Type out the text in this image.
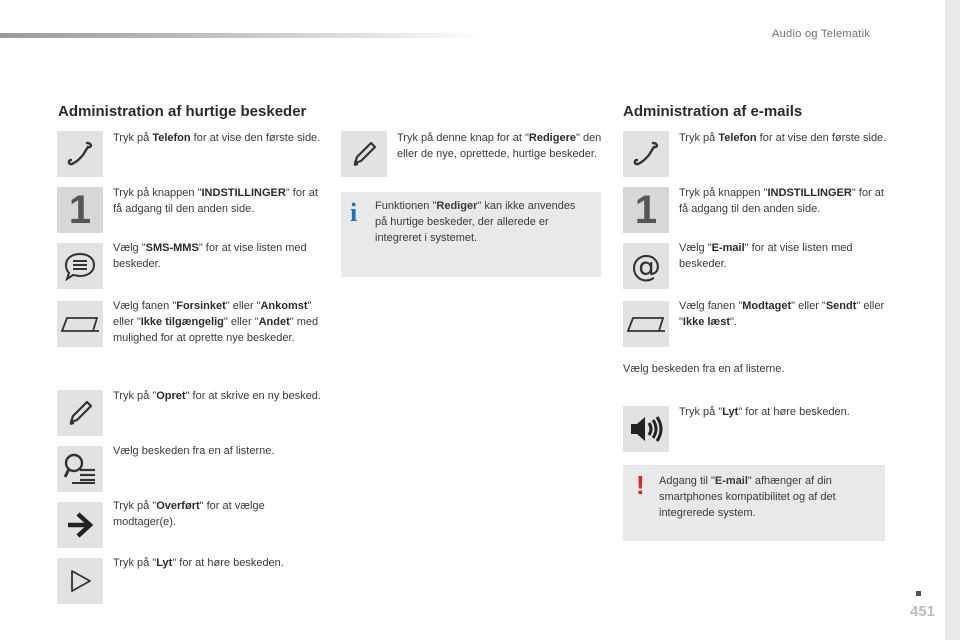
Audio og Telematik
Administration af hurtige beskeder	Administration af e-mails
Tryk på Telefon for at vise den første side.
1 Tryk på knappen "INDSTILLINGER" for at få adgang til den anden side.
Vælg "SMS-MMS" for at vise listen med beskeder.
Vælg fanen "Forsinket" eller "Ankomst" eller "Ikke tilgængelig" eller "Andet" med mulighed for at oprette nye beskeder.
Tryk på "Opret" for at skrive en ny besked.
Vælg beskeden fra en af listerne.
Tryk på "Overført" for at vælge modtager(e).
Tryk på "Lyt" for at høre beskeden.
Tryk på denne knap for at "Redigere" den eller de nye, oprettede, hurtige beskeder.
i Funktionen "Rediger" kan ikke anvendes på hurtige beskeder, der allerede er integreret i systemet.
Tryk på Telefon for at vise den første side.
1 Tryk på knappen "INDSTILLINGER" for at få adgang til den anden side.
@
Vælg "E-mail" for at vise listen med beskeder.
Vælg fanen "Modtaget" eller "Sendt" eller "Ikke læst".
Vælg beskeden fra en af listerne.
Tryk på "Lyt" for at høre beskeden.
! Adgang til "E-mail" afhænger af din smartphones kompatibilitet og af det integrerede system.
451
